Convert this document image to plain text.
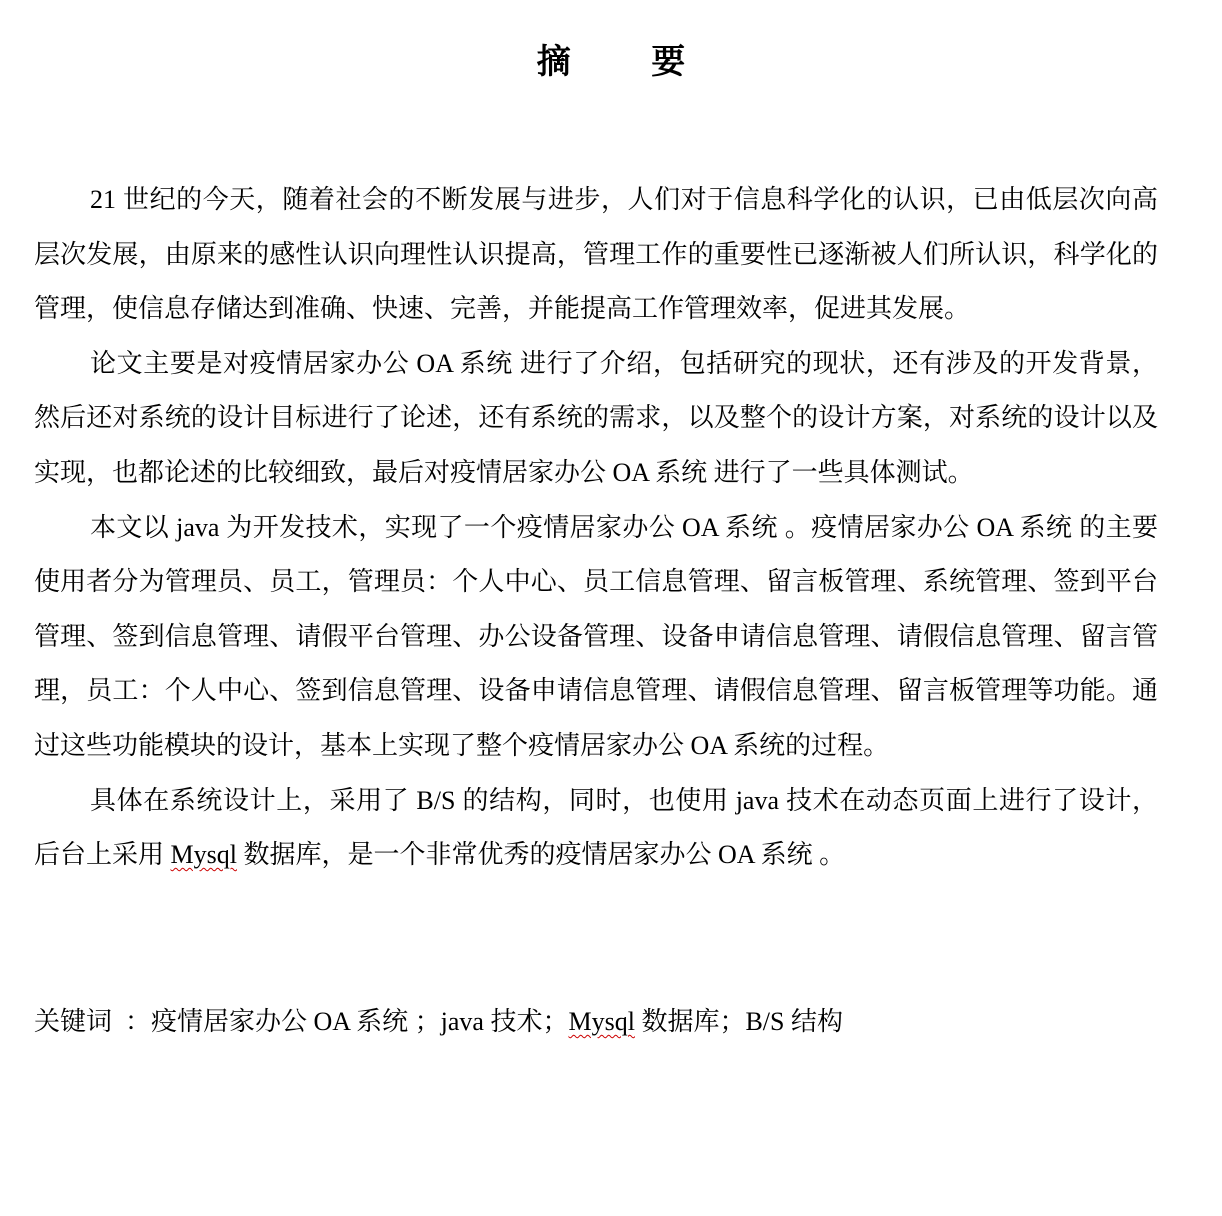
摘 要

21 世纪的今天，随着社会的不断发展与进步，人们对于信息科学化的认识，已由低层次向高层次发展，由原来的感性认识向理性认识提高，管理工作的重要性已逐渐被人们所认识，科学化的管理，使信息存储达到准确、快速、完善，并能提高工作管理效率，促进其发展。

论文主要是对疫情居家办公 OA 系统 进行了介绍，包括研究的现状，还有涉及的开发背景，然后还对系统的设计目标进行了论述，还有系统的需求，以及整个的设计方案，对系统的设计以及实现，也都论述的比较细致，最后对疫情居家办公 OA 系统 进行了一些具体测试。

本文以 java 为开发技术，实现了一个疫情居家办公 OA 系统 。疫情居家办公 OA 系统 的主要使用者分为管理员、员工，管理员：个人中心、员工信息管理、留言板管理、系统管理、签到平台管理、签到信息管理、请假平台管理、办公设备管理、设备申请信息管理、请假信息管理、留言管理，员工：个人中心、签到信息管理、设备申请信息管理、请假信息管理、留言板管理等功能。通过这些功能模块的设计，基本上实现了整个疫情居家办公 OA 系统的过程。

具体在系统设计上，采用了 B/S 的结构，同时，也使用 java 技术在动态页面上进行了设计，后台上采用 Mysql 数据库，是一个非常优秀的疫情居家办公 OA 系统 。

关键词  ：疫情居家办公 OA 系统 ；java 技术；Mysql 数据库；B/S 结构
